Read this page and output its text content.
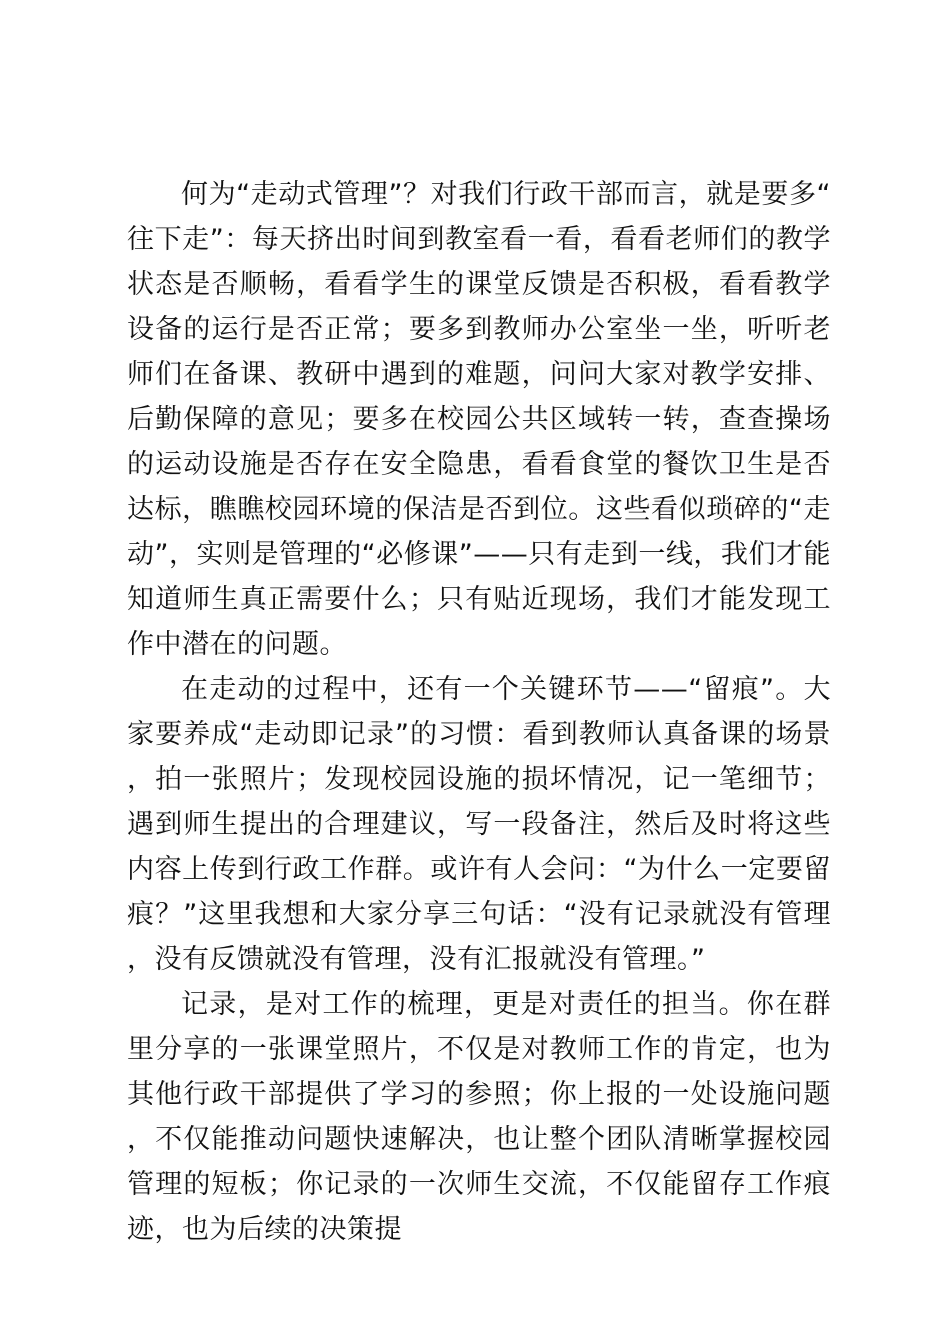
何为“走动式管理”？对我们行政干部而言，就是要多“往下走”：每天挤出时间到教室看一看，看看老师们的教学状态是否顺畅，看看学生的课堂反馈是否积极，看看教学设备的运行是否正常；要多到教师办公室坐一坐，听听老师们在备课、教研中遇到的难题，问问大家对教学安排、后勤保障的意见；要多在校园公共区域转一转，查查操场的运动设施是否存在安全隐患，看看食堂的餐饮卫生是否达标，瞧瞧校园环境的保洁是否到位。这些看似琐碎的“走动”，实则是管理的“必修课”——只有走到一线，我们才能知道师生真正需要什么；只有贴近现场，我们才能发现工作中潜在的问题。

在走动的过程中，还有一个关键环节——“留痕”。大家要养成“走动即记录”的习惯：看到教师认真备课的场景，拍一张照片；发现校园设施的损坏情况，记一笔细节；遇到师生提出的合理建议，写一段备注，然后及时将这些内容上传到行政工作群。或许有人会问：“为什么一定要留痕？”这里我想和大家分享三句话：“没有记录就没有管理，没有反馈就没有管理，没有汇报就没有管理。”

记录，是对工作的梳理，更是对责任的担当。你在群里分享的一张课堂照片，不仅是对教师工作的肯定，也为其他行政干部提供了学习的参照；你上报的一处设施问题，不仅能推动问题快速解决，也让整个团队清晰掌握校园管理的短板；你记录的一次师生交流，不仅能留存工作痕迹，也为后续的决策提
